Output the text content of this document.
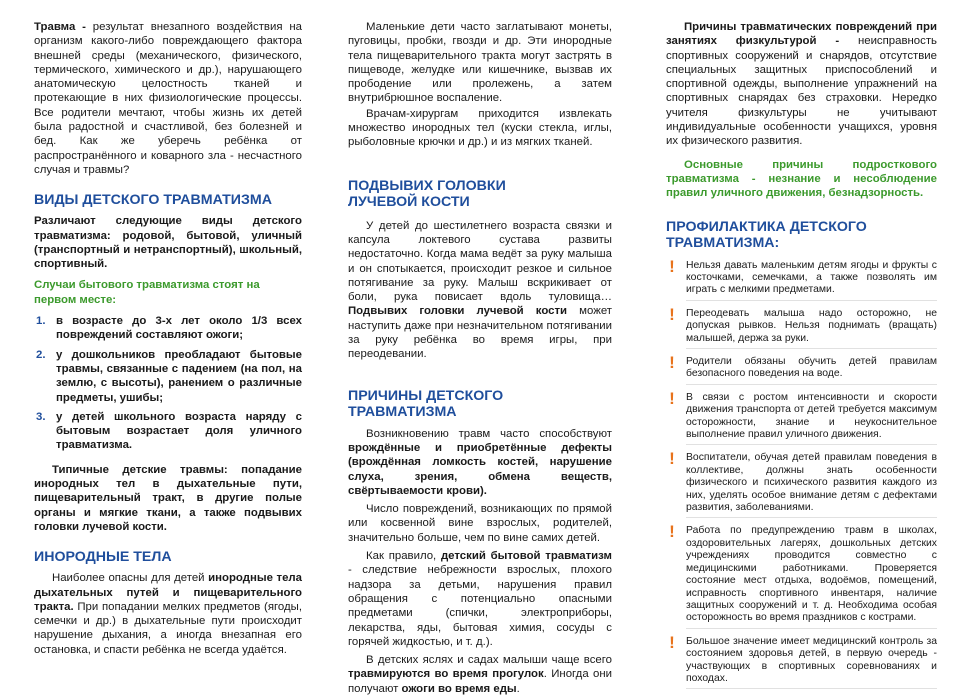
Травма - результат внезапного воздействия на организм какого-либо повреждающего фактора внешней среды (механического, физического, термического, химического и др.), нарушающего анатомическую целостность тканей и протекающие в них физиологические процессы. Все родители мечтают, чтобы жизнь их детей была радостной и счастливой, без болезней и бед. Как же уберечь ребёнка от распространённого и коварного зла - несчастного случая и травмы?

ВИДЫ ДЕТСКОГО ТРАВМАТИЗМА

Различают следующие виды детского травматизма: родовой, бытовой, уличный (транспортный и нетранспортный), школьный, спортивный.

Случаи бытового травматизма стоят на первом месте:

1. в возрасте до 3-х лет около 1/3 всех повреждений составляют ожоги;
2. у дошкольников преобладают бытовые травмы, связанные с падением (на пол, на землю, с высоты), ранением о различные предметы, ушибы;
3. у детей школьного возраста наряду с бытовым возрастает доля уличного травматизма.

Типичные детские травмы: попадание инородных тел в дыхательные пути, пищеварительный тракт, в другие полые органы и мягкие ткани, а также подвывих головки лучевой кости.

ИНОРОДНЫЕ ТЕЛА

Наиболее опасны для детей инородные тела дыхательных путей и пищеварительного тракта. При попадании мелких предметов (ягоды, семечки и др.) в дыхательные пути происходит нарушение дыхания, а иногда внезапная его остановка, и спасти ребёнка не всегда удаётся.

Маленькие дети часто заглатывают монеты, пуговицы, пробки, гвозди и др. Эти инородные тела пищеварительного тракта могут застрять в пищеводе, желудке или кишечнике, вызвав их прободение или пролежень, а затем внутрибрюшное воспаление.

Врачам-хирургам приходится извлекать множество инородных тел (куски стекла, иглы, рыболовные крючки и др.) и из мягких тканей.

ПОДВЫВИХ ГОЛОВКИ ЛУЧЕВОЙ КОСТИ

У детей до шестилетнего возраста связки и капсула локтевого сустава развиты недостаточно. Когда мама ведёт за руку малыша и он спотыкается, происходит резкое и сильное потягивание за руку. Малыш вскрикивает от боли, рука повисает вдоль туловища… Подвывих головки лучевой кости может наступить даже при незначительном потягивании за руку ребёнка во время игры, при переодевании.

ПРИЧИНЫ ДЕТСКОГО ТРАВМАТИЗМА

Возникновению травм часто способствуют врождённые и приобретённые дефекты (врождённая ломкость костей, нарушение слуха, зрения, обмена веществ, свёртываемости крови).

Число повреждений, возникающих по прямой или косвенной вине взрослых, родителей, значительно больше, чем по вине самих детей.

Как правило, детский бытовой травматизм - следствие небрежности взрослых, плохого надзора за детьми, нарушения правил обращения с потенциально опасными предметами (спички, электроприборы, лекарства, яды, бытовая химия, сосуды с горячей жидкостью, и т. д.).

В детских яслях и садах малыши чаще всего травмируются во время прогулок. Иногда они получают ожоги во время еды.

Причины травматических повреждений при занятиях физкультурой - неисправность спортивных сооружений и снарядов, отсутствие специальных защитных приспособлений и спортивной одежды, выполнение упражнений на спортивных снарядах без страховки. Нередко учителя физкультуры не учитывают индивидуальные особенности учащихся, уровня их физического развития.

Основные причины подросткового травматизма - незнание и несоблюдение правил уличного движения, безнадзорность.

ПРОФИЛАКТИКА ДЕТСКОГО ТРАВМАТИЗМА:
!	Нельзя давать маленьким детям ягоды и фрукты с косточками, семечками, а также позволять им играть с мелкими предметами.
!	Переодевать малыша надо осторожно, не допуская рывков. Нельзя поднимать (вращать) малышей, держа за руки.
!	Родители обязаны обучить детей правилам безопасного поведения на воде.
!	В связи с ростом интенсивности и скорости движения транспорта от детей требуется максимум осторожности, знание и неукоснительное выполнение правил уличного движения.
!	Воспитатели, обучая детей правилам поведения в коллективе, должны знать особенности физического и психического развития каждого из них, уделять особое внимание детям с дефектами развития, заболеваниями.
!	Работа по предупреждению травм в школах, оздоровительных лагерях, дошкольных детских учреждениях проводится совместно с медицинскими работниками. Проверяется состояние мест отдыха, водоёмов, помещений, исправность спортивного инвентаря, наличие защитных сооружений и т. д. Необходима особая осторожность во время праздников с кострами.
!	Большое значение имеет медицинский контроль за состоянием здоровья детей, в первую очередь - участвующих в спортивных соревнованиях и походах.
